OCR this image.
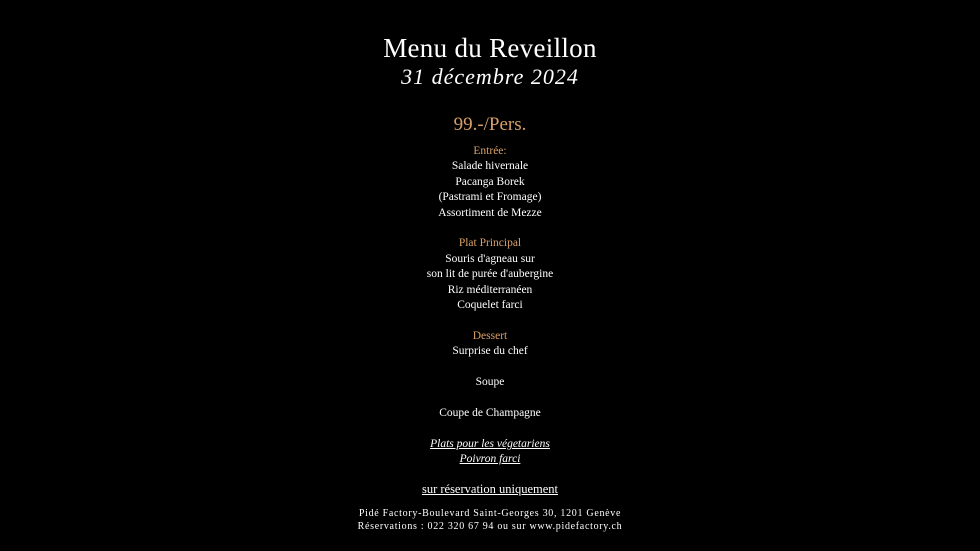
Menu du Reveillon
31 décembre 2024
99.-/Pers.
Entrée:
Salade hivernale
Pacanga Borek
(Pastrami et Fromage)
Assortiment de Mezze
Plat Principal
Souris d'agneau sur
son lit de purée d'aubergine
Riz méditerranéen
Coquelet farci
Dessert
Surprise du chef
Soupe
Coupe de Champagne
Plats pour les végetariens
Poivron farci
sur réservation uniquement
Pidé Factory-Boulevard Saint-Georges 30, 1201 Genève
Réservations : 022 320 67 94 ou sur www.pidefactory.ch
